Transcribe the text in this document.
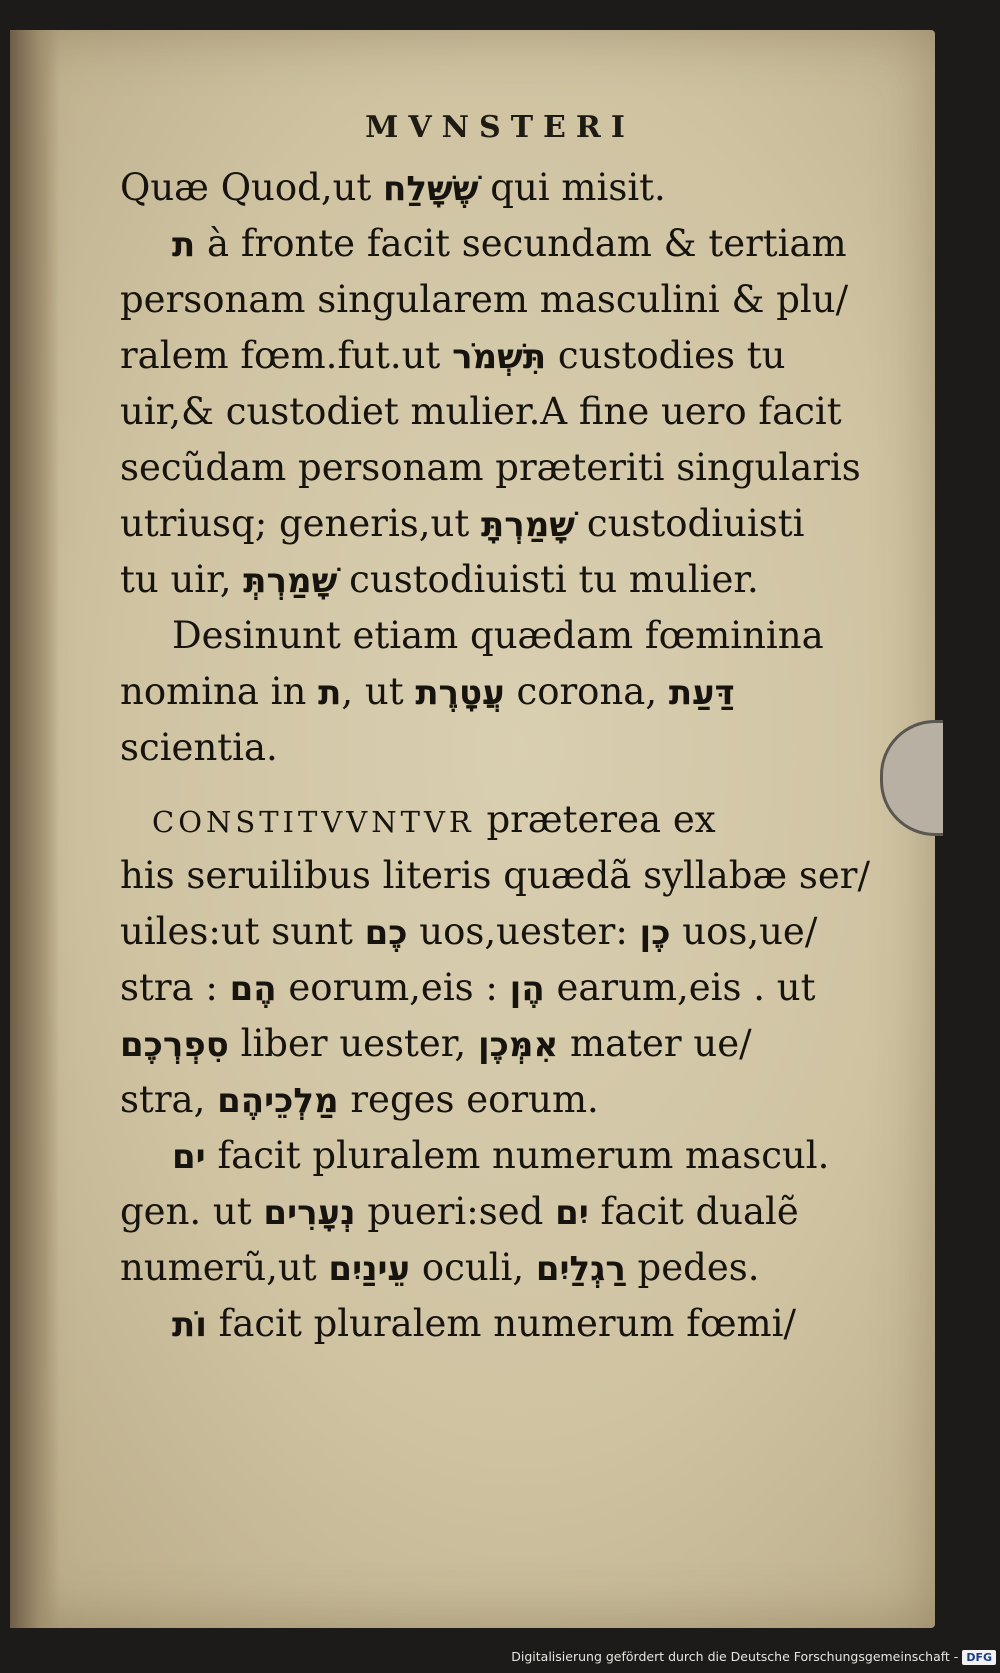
MVNSTERI
Quæ Quod,ut שֶׁשָּׁלַח qui misit.
ת à fronte facit secundam & tertiam
personam singularem masculini & plu/
ralem fœm.fut.ut תִּשְׁמֹר custodies tu
uir,& custodiet mulier.A fine uero facit
secũdam personam præteriti singularis
utriusq; generis,ut שָׁמַרְתָּ custodiuisti
tu uir, שָׁמַרְתְּ custodiuisti tu mulier.
Desinunt etiam quædam fœminina
nomina in ת, ut עֲטָרֶת corona, דַּעַת
scientia.
CONSTITVVNTVR præterea ex
his seruilibus literis quædã syllabæ ser/
uiles:ut sunt כֶם uos,uester: כֶן uos,ue/
stra : הֶם eorum,eis : הֶן earum,eis . ut
סִפְרְכֶם liber uester, אִמְּכֶן mater ue/
stra, מַלְכֵיהֶם reges eorum.
ים facit pluralem numerum mascul.
gen. ut נְעָרִים pueri:sed יִם facit dualẽ
numerũ,ut עֵינַיִם oculi, רַגְלַיִם pedes.
וֹת facit pluralem numerum fœmi/
Digitalisierung gefördert durch die Deutsche Forschungsgemeinschaft - DFG
